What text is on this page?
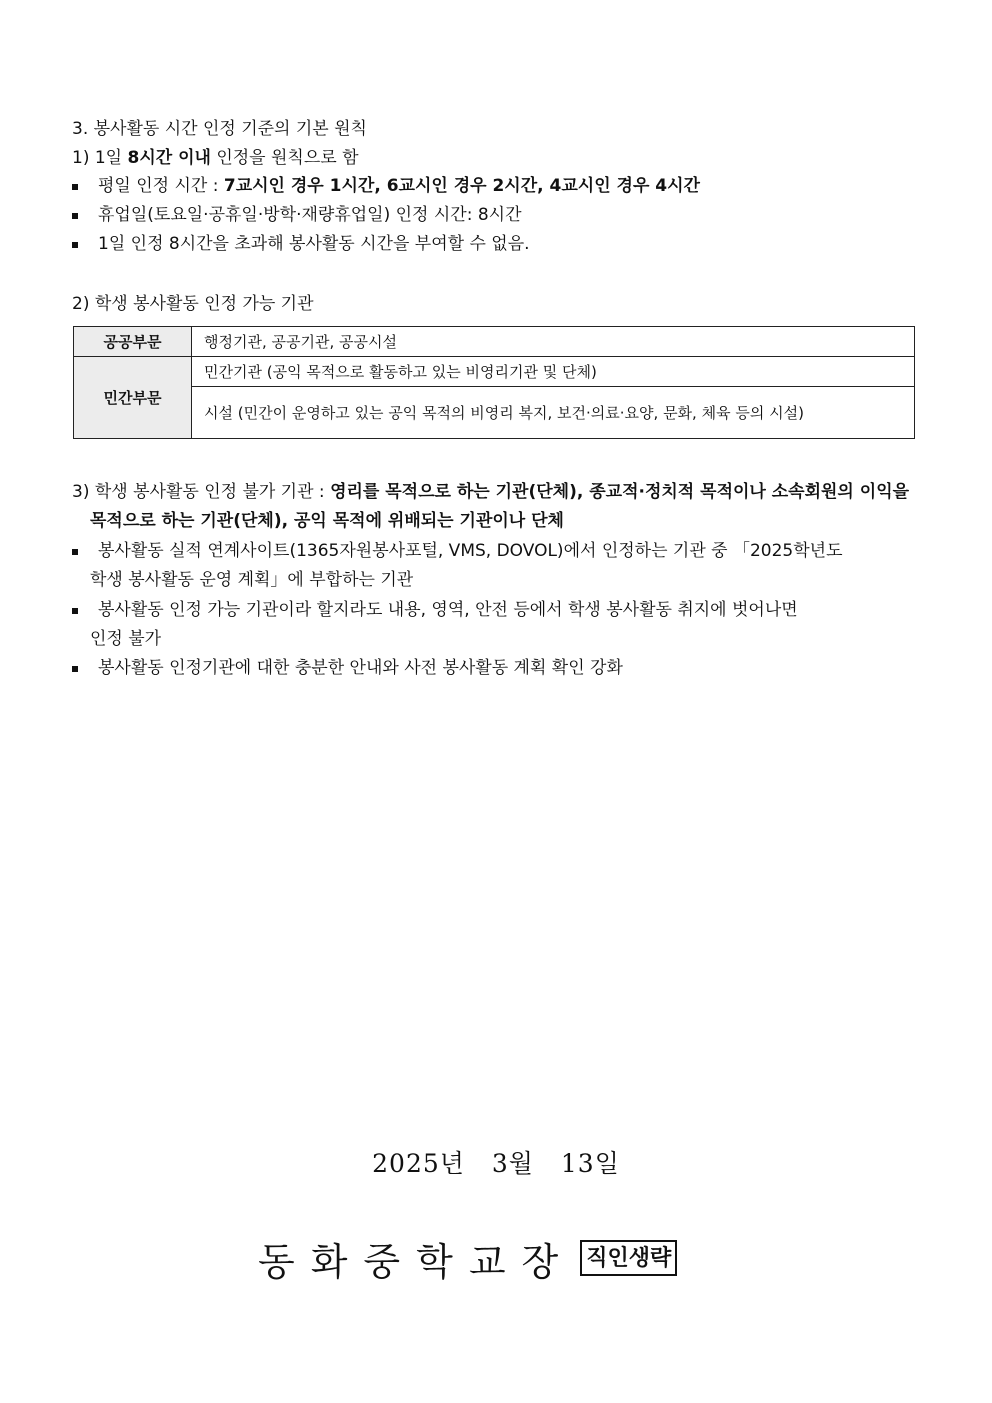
3. 봉사활동 시간 인정 기준의 기본 원칙
1) 1일 8시간 이내 인정을 원칙으로 함
평일 인정 시간 : 7교시인 경우 1시간, 6교시인 경우 2시간, 4교시인 경우 4시간
휴업일(토요일·공휴일·방학·재량휴업일) 인정 시간: 8시간
1일 인정 8시간을 초과해 봉사활동 시간을 부여할 수 없음.
2) 학생 봉사활동 인정 가능 기관
공공부문	행정기관, 공공기관, 공공시설
민간부문	민간기관 (공익 목적으로 활동하고 있는 비영리기관 및 단체)
	시설 (민간이 운영하고 있는 공익 목적의 비영리 복지, 보건·의료·요양, 문화, 체육 등의 시설)
3) 학생 봉사활동 인정 불가 기관 : 영리를 목적으로 하는 기관(단체), 종교적·정치적 목적이나 소속회원의 이익을
목적으로 하는 기관(단체), 공익 목적에 위배되는 기관이나 단체
봉사활동 실적 연계사이트(1365자원봉사포털, VMS, DOVOL)에서 인정하는 기관 중 「2025학년도
학생 봉사활동 운영 계획」에 부합하는 기관
봉사활동 인정 가능 기관이라 할지라도 내용, 영역, 안전 등에서 학생 봉사활동 취지에 벗어나면
인정 불가
봉사활동 인정기관에 대한 충분한 안내와 사전 봉사활동 계획 확인 강화
2025년 3월 13일
동화중학교장 직인생략
